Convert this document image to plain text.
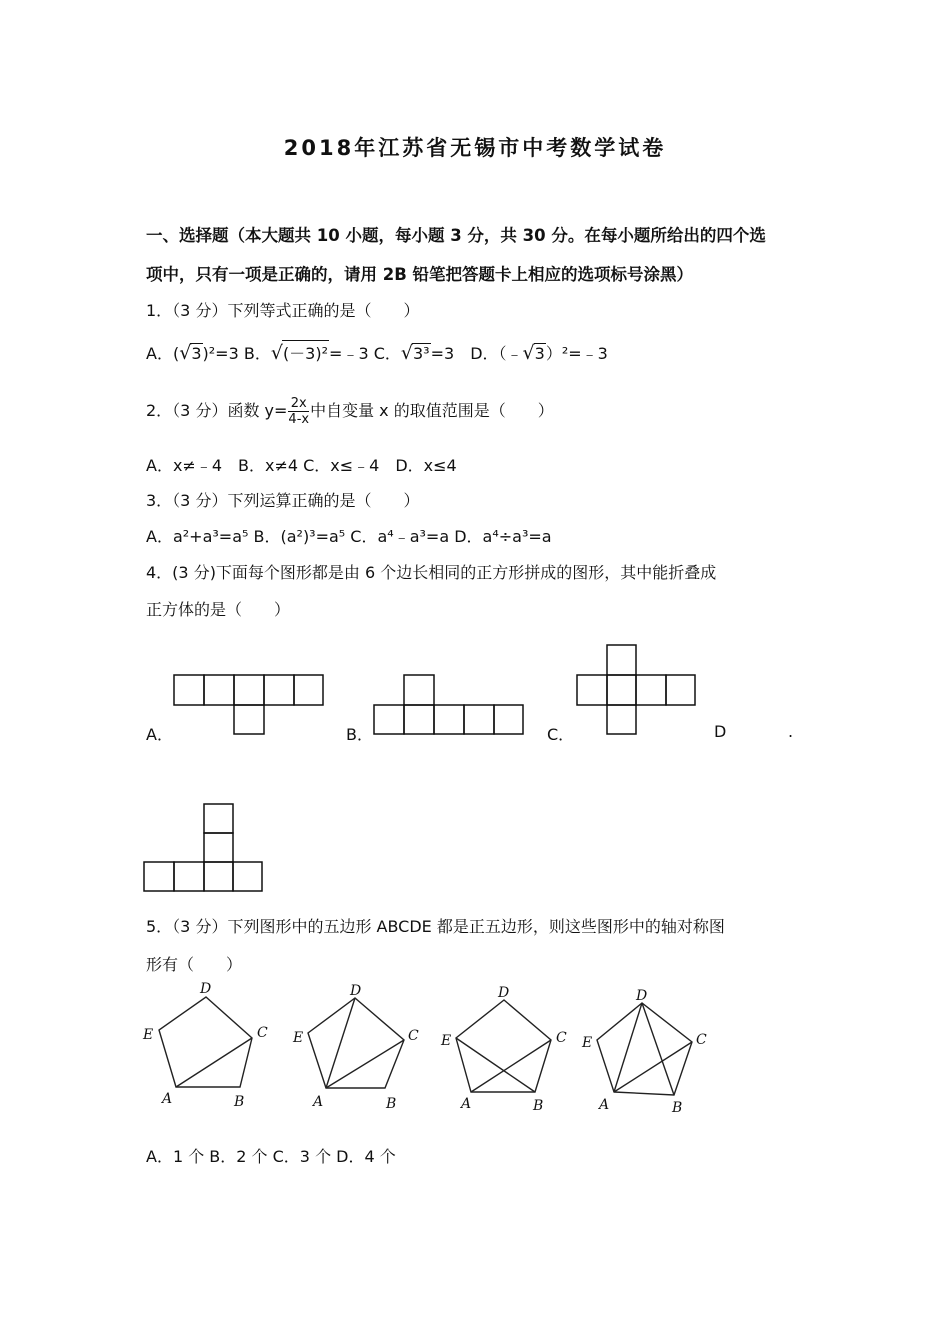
2018年江苏省无锡市中考数学试卷
一、选择题（本大题共 10 小题，每小题 3 分，共 30 分。在每小题所给出的四个选
项中，只有一项是正确的，请用 2B 铅笔把答题卡上相应的选项标号涂黑）
1．（3 分）下列等式正确的是（　　）
A．(√3)²=3 B．√(－3)²=﹣3 C．√3³=3　D．（﹣√3）²=﹣3
2．（3 分）函数 $y= \frac{2x}{4-x}$ 中自变量 x 的取值范围是（　　）
A．x≠﹣4　B．x≠4 C．x≤﹣4　D．x≤4
3．（3 分）下列运算正确的是（　　）
A．a²+a³=a⁵ B．(a²)³=a⁵ C．a⁴﹣a³=a D．a⁴÷a³=a
4．(3 分)下面每个图形都是由 6 个边长相同的正方形拼成的图形，其中能折叠成
正方体的是（　　）
A．	B．	C．	D	.
5．（3 分）下列图形中的五边形 ABCDE 都是正五边形，则这些图形中的轴对称图
形有（　　）
A	B
C
D
E
A	B
C
D
E
A	B
C
D
E
A	B
C
D
E
A．1 个 B．2 个 C．3 个 D．4 个
